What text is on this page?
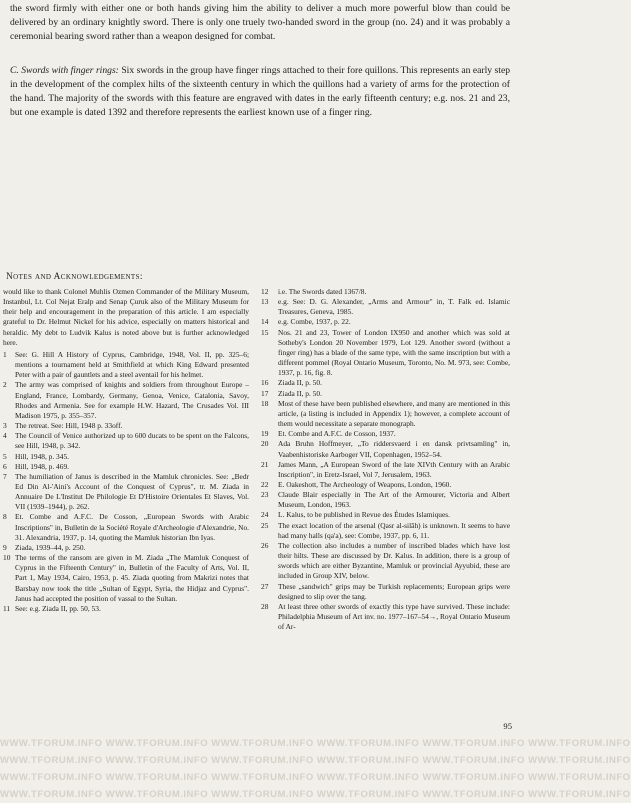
the sword firmly with either one or both hands giving him the ability to deliver a much more powerful blow than could be delivered by an ordinary knightly sword. There is only one truely two-handed sword in the group (no. 24) and it was probably a ceremonial bearing sword rather than a weapon designed for combat.

C. Swords with finger rings: Six swords in the group have finger rings attached to their fore quillons. This represents an early step in the development of the complex hilts of the sixteenth century in which the quillons had a variety of arms for the protection of the hand. The majority of the swords with this feature are engraved with dates in the early fifteenth century; e.g. nos. 21 and 23, but one example is dated 1392 and therefore represents the earliest known use of a finger ring.

Notes and Acknowledgements:

would like to thank Colonel Muhlis Ozmen Commander of the Military Museum, Instanbul, Lt. Col Nejat Eralp and Senap Çuruk also of the Military Museum for their help and encouragement in the preparation of this article. I am especially grateful to Dr. Helmut Nickel for his advice, especially on matters historical and heraldic. My debt to Ludvik Kalus is noted above but is further acknowledged here.

1 See: G. Hill A History of Cyprus, Cambridge, 1948, Vol. II, pp. 325–6; mentions a tournament held at Smithfield at which King Edward presented Peter with a pair of gauntlets and a steel aventail for his helmet.

2 The army was comprised of knights and soldiers from throughout Europe – England, France, Lombardy, Germany, Genoa, Venice, Catalonia, Savoy, Rhodes and Armenia. See for example H.W. Hazard, The Crusades Vol. III Madison 1975, p. 355–357.

3 The retreat. See: Hill, 1948 p. 33off.

4 The Council of Venice authorized up to 600 ducats to be spent on the Falcons, see Hill, 1948, p. 342.

5 Hill, 1948, p. 345.

6 Hill, 1948, p. 469.

7 The humiliation of Janus is described in the Mamluk chronicles. See: „Bedr Ed Din Al-'Aini's Account of the Conquest of Cyprus", tr. M. Ziada in Annuaire De L'Institut De Philologie Et D'Histoire Orientales Et Slaves, Vol. VII (1939–1944), p. 262.

8 Et. Combe and A.F.C. De Cosson, „European Swords with Arabic Inscriptions" in, Bulletin de la Société Royale d'Archeologie d'Alexandrie, No. 31. Alexandria, 1937, p. 14, quoting the Mamluk historian Ibn Iyas.

9 Ziada, 1939–44, p. 250.

10 The terms of the ransom are given in M. Ziada „The Mamluk Conquest of Cyprus in the Fifteenth Century" in, Bulletin of the Faculty of Arts, Vol. II, Part 1, May 1934, Cairo, 1953, p. 45. Ziada quoting from Makrizi notes that Barsbay now took the title „Sultan of Egypt, Syria, the Hidjaz and Cyprus". Janus had accepted the position of vassal to the Sultan.

11 See: e.g. Ziada II, pp. 50, 53.

12 i.e. The Swords dated 1367/8.

13 e.g. See: D. G. Alexander, „Arms and Armour" in, T. Falk ed. Islamic Treasures, Geneva, 1985.

14 e.g. Combe, 1937, p. 22.

15 Nos. 21 and 23, Tower of London IX950 and another which was sold at Sotheby's London 20 November 1979, Lot 129. Another sword (without a finger ring) has a blade of the same type, with the same inscription but with a different pommel (Royal Ontario Museum, Toronto, No. M. 973, see: Combe, 1937, p. 16, fig. 8.

16 Ziada II, p. 50.

17 Ziada II, p. 50.

18 Most of these have been published elsewhere, and many are mentioned in this article, (a listing is included in Appendix 1); however, a complete account of them would necessitate a separate monograph.

19 Et. Combe and A.F.C. de Cosson, 1937.

20 Ada Bruhn Hoffmeyer, „To riddersvaerd i en dansk privtsamling" in, Vaabenhistoriske Aarboger VII, Copenhagen, 1952–54.

21 James Mann, „A European Sword of the late XIVth Century with an Arabic Inscription", in Eretz-Israel, Vol 7, Jerusalem, 1963.

22 E. Oakeshott, The Archeology of Weapons, London, 1960.

23 Claude Blair especially in The Art of the Armourer, Victoria and Albert Museum, London, 1963.

24 L. Kalus, to be published in Revue des Études Islamiques.

25 The exact location of the arsenal (Qasr al-silāh) is unknown. It seems to have had many halls (qa'a), see: Combe, 1937, pp. 6, 11.

26 The collection also includes a number of inscribed blades which have lost their hilts. These are discussed by Dr. Kalus. In addition, there is a group of swords which are either Byzantine, Mamluk or provincial Ayyubid, these are included in Group XIV, below.

27 These „sandwich" grips may be Turkish replacements; European grips were designed to slip over the tang.

28 At least three other swords of exactly this type have survived. These include: Philadelphia Museum of Art inv. no. 1977–167–54→, Royal Ontario Museum of Ar-

95
WWW.TFORUM.INFO WWW.TFORUM.INFO WWW.TFORUM.INFO WWW.TFORUM.INFO WWW.TFORUM.INFO WWW.TFORUM.INFO
WWW.TFORUM.INFO WWW.TFORUM.INFO WWW.TFORUM.INFO WWW.TFORUM.INFO WWW.TFORUM.INFO WWW.TFORUM.INFO
WWW.TFORUM.INFO WWW.TFORUM.INFO WWW.TFORUM.INFO WWW.TFORUM.INFO WWW.TFORUM.INFO WWW.TFORUM.INFO
WWW.TFORUM.INFO WWW.TFORUM.INFO WWW.TFORUM.INFO WWW.TFORUM.INFO WWW.TFORUM.INFO WWW.TFORUM.INFO
